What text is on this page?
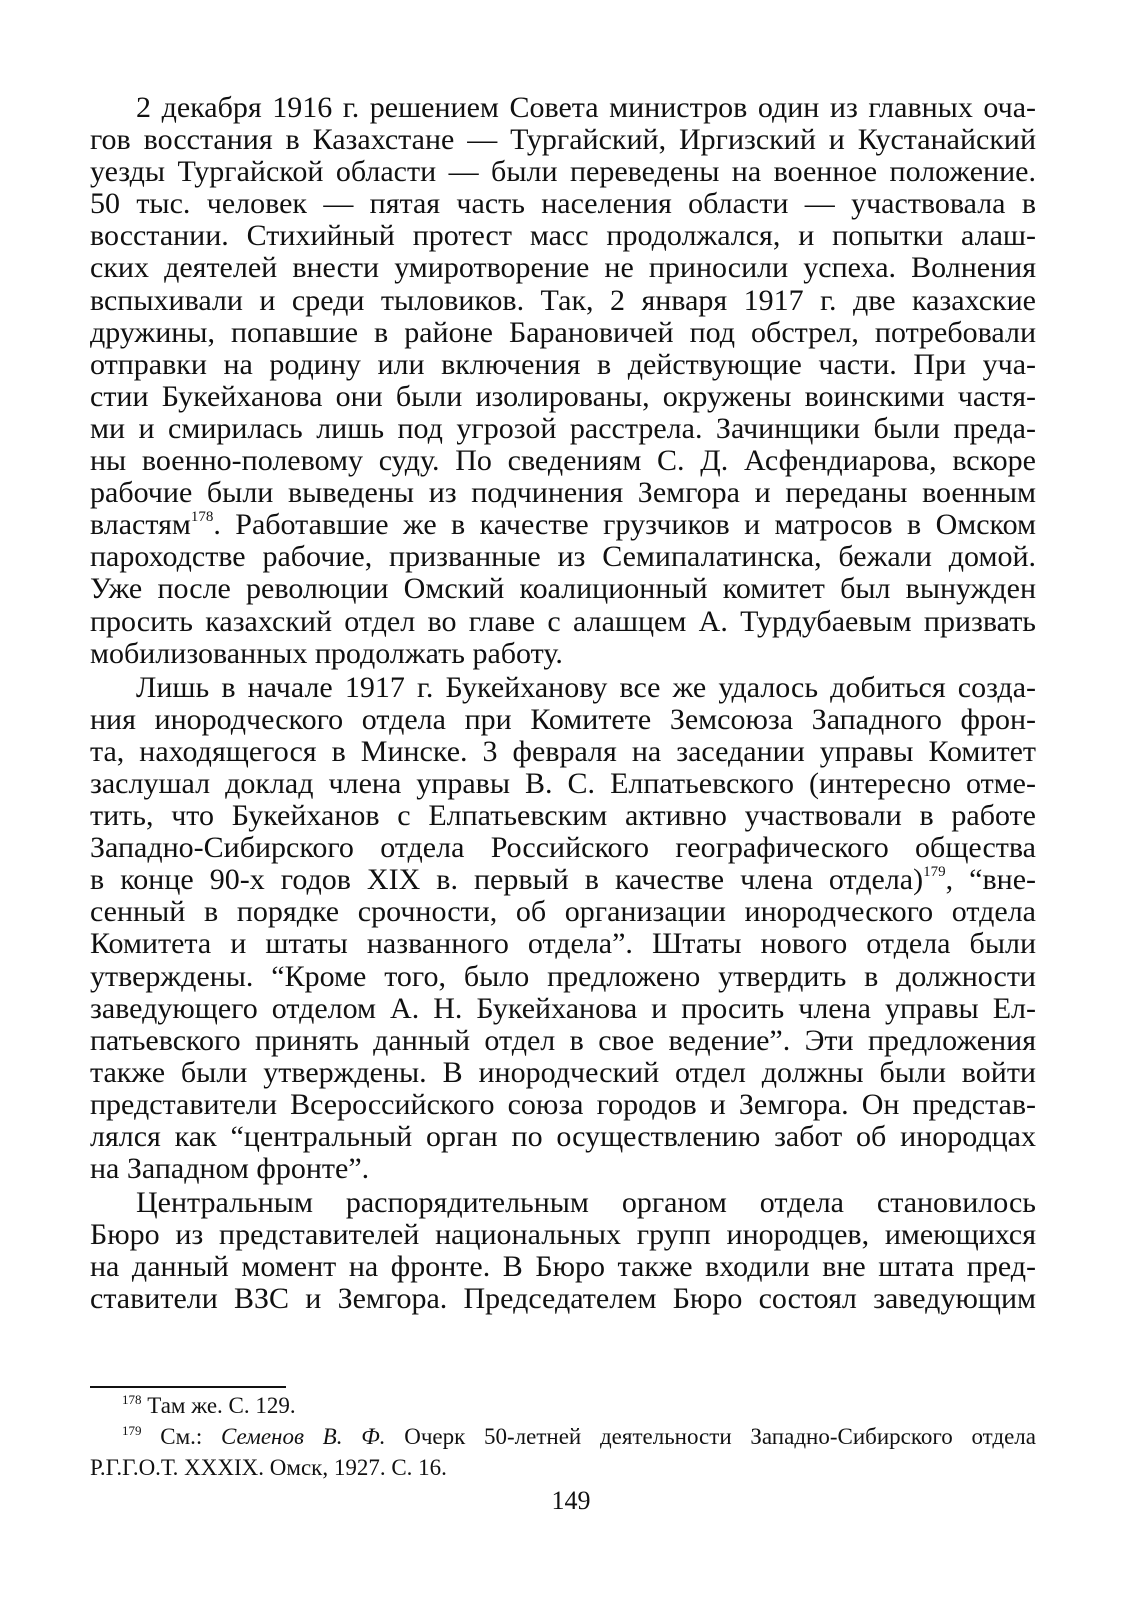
2 декабря 1916 г. решением Совета министров один из главных оча-
гов восстания в Казахстане — Тургайский, Иргизский и Кустанайский
уезды Тургайской области — были переведены на военное положение.
50 тыс. человек — пятая часть населения области — участвовала в
восстании. Стихийный протест масс продолжался, и попытки алаш-
ских деятелей внести умиротворение не приносили успеха. Волнения
вспыхивали и среди тыловиков. Так, 2 января 1917 г. две казахские
дружины, попавшие в районе Барановичей под обстрел, потребовали
отправки на родину или включения в действующие части. При уча-
стии Букейханова они были изолированы, окружены воинскими частя-
ми и смирилась лишь под угрозой расстрела. Зачинщики были преда-
ны военно-полевому суду. По сведениям С. Д. Асфендиарова, вскоре
рабочие были выведены из подчинения Земгора и переданы военным
властям$^{178}$. Работавшие же в качестве грузчиков и матросов в Омском
пароходстве рабочие, призванные из Семипалатинска, бежали домой.
Уже после революции Омский коалиционный комитет был вынужден
просить казахский отдел во главе с алашцем А. Турдубаевым призвать
мобилизованных продолжать работу.
Лишь в начале 1917 г. Букейханову все же удалось добиться созда-
ния инородческого отдела при Комитете Земсоюза Западного фрон-
та, находящегося в Минске. 3 февраля на заседании управы Комитет
заслушал доклад члена управы В. С. Елпатьевского (интересно отме-
тить, что Букейханов с Елпатьевским активно участвовали в работе
Западно-Сибирского отдела Российского географического общества
в конце 90-х годов XIX в. первый в качестве члена отдела)$^{179}$, “вне-
сенный в порядке срочности, об организации инородческого отдела
Комитета и штаты названного отдела”. Штаты нового отдела были
утверждены. “Кроме того, было предложено утвердить в должности
заведующего отделом А. Н. Букейханова и просить члена управы Ел-
патьевского принять данный отдел в свое ведение”. Эти предложения
также были утверждены. В инородческий отдел должны были войти
представители Всероссийского союза городов и Земгора. Он представ-
лялся как “центральный орган по осуществлению забот об инородцах
на Западном фронте”.
Центральным распорядительным органом отдела становилось
Бюро из представителей национальных групп инородцев, имеющихся
на данный момент на фронте. В Бюро также входили вне штата пред-
ставители ВЗС и Земгора. Председателем Бюро состоял заведующим
$^{178}$ Там же. С. 129.
$^{179}$ См.: Семенов В. Ф. Очерк 50-летней деятельности Западно-Сибирского отдела
Р.Г.Г.О.Т. XXXIX. Омск, 1927. С. 16.
149
